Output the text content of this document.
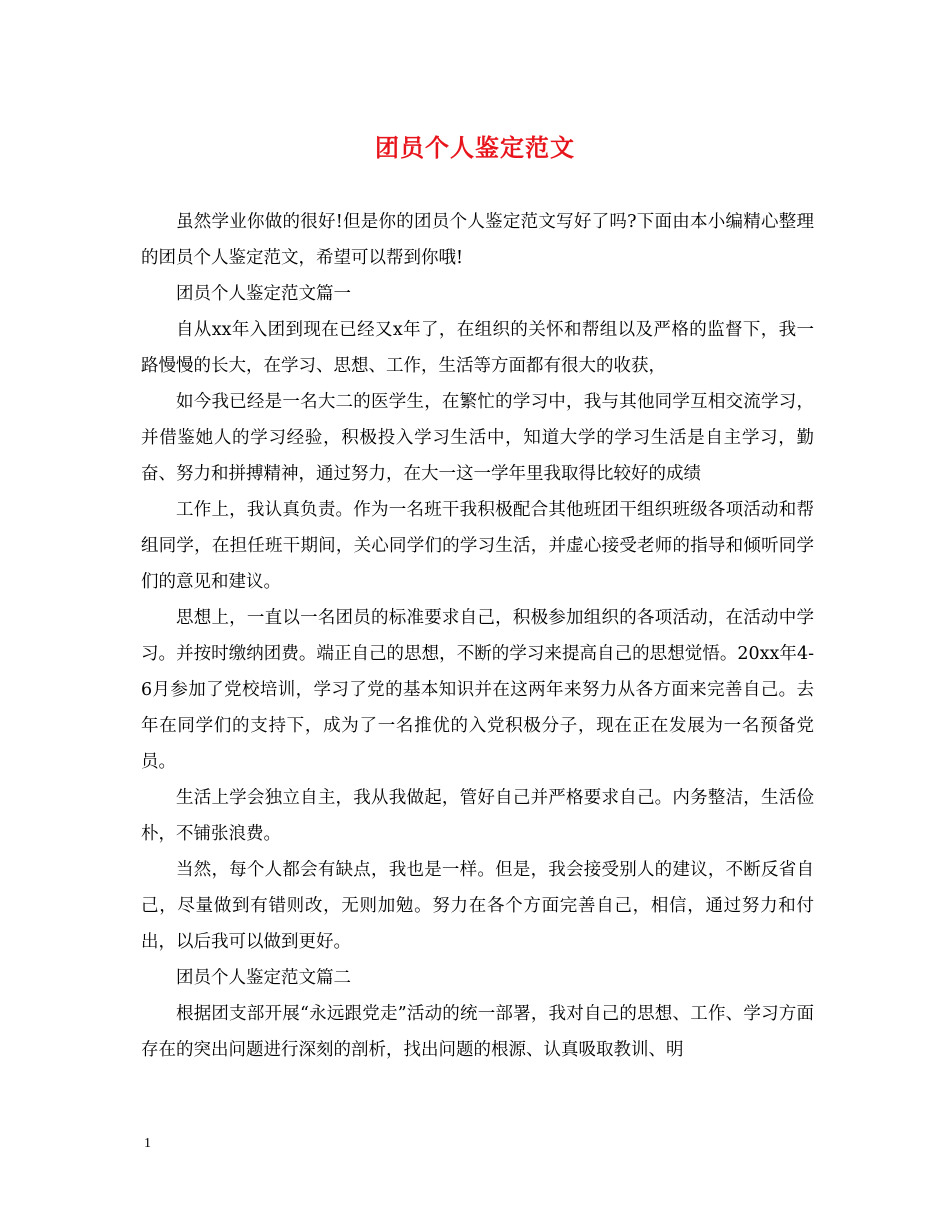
团员个人鉴定范文

虽然学业你做的很好!但是你的团员个人鉴定范文写好了吗?下面由本小编精心整理的团员个人鉴定范文，希望可以帮到你哦!

团员个人鉴定范文篇一

自从xx年入团到现在已经又x年了，在组织的关怀和帮组以及严格的监督下，我一路慢慢的长大，在学习、思想、工作，生活等方面都有很大的收获，

如今我已经是一名大二的医学生，在繁忙的学习中，我与其他同学互相交流学习，并借鉴她人的学习经验，积极投入学习生活中，知道大学的学习生活是自主学习，勤奋、努力和拼搏精神，通过努力，在大一这一学年里我取得比较好的成绩

工作上，我认真负责。作为一名班干我积极配合其他班团干组织班级各项活动和帮组同学，在担任班干期间，关心同学们的学习生活，并虚心接受老师的指导和倾听同学们的意见和建议。

思想上，一直以一名团员的标准要求自己，积极参加组织的各项活动，在活动中学习。并按时缴纳团费。端正自己的思想，不断的学习来提高自己的思想觉悟。20xx年4-6月参加了党校培训，学习了党的基本知识并在这两年来努力从各方面来完善自己。去年在同学们的支持下，成为了一名推优的入党积极分子，现在正在发展为一名预备党员。

生活上学会独立自主，我从我做起，管好自己并严格要求自己。内务整洁，生活俭朴，不铺张浪费。

当然，每个人都会有缺点，我也是一样。但是，我会接受别人的建议，不断反省自己，尽量做到有错则改，无则加勉。努力在各个方面完善自己，相信，通过努力和付出，以后我可以做到更好。

团员个人鉴定范文篇二

根据团支部开展“永远跟党走”活动的统一部署，我对自己的思想、工作、学习方面存在的突出问题进行深刻的剖析，找出问题的根源、认真吸取教训、明

1
